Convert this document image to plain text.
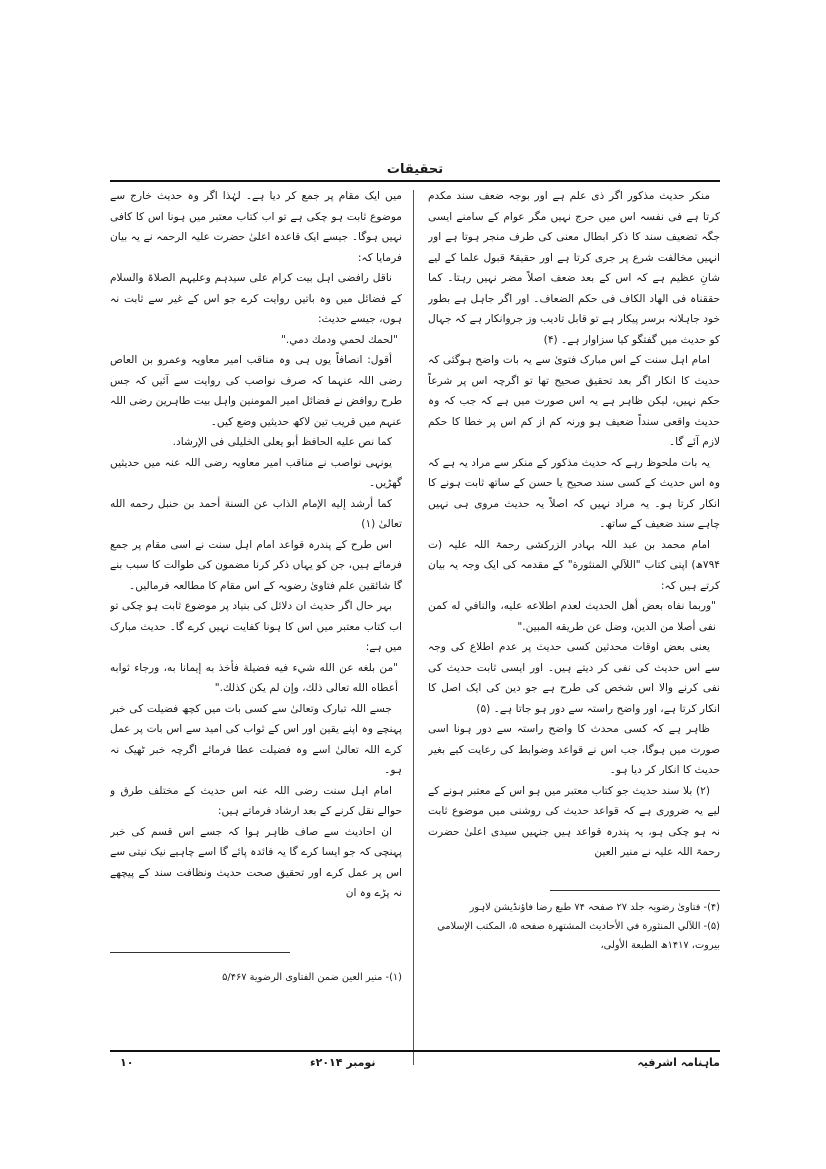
تحقیقات

منکر حدیث مذکور اگر ذی علم ہے اور بوجہ ضعف سند مکدم کرتا ہے فی نفسہ اس میں حرج نہیں مگر عوام کے سامنے ایسی جگہ تضعیف سند کا ذکر ابطال معنی کی طرف منجر ہوتا ہے اور انہیں مخالفت شرع پر جری کرتا ہے اور حقیقۃً قبول علما کے لیے شانِ عظیم ہے کہ اس کے بعد ضعف اصلاً مضر نہیں رہتا۔ کما حققناہ فی الھاد الکاف فی حکم الضعاف۔ اور اگر جاہل ہے بطور خود جاہلانہ برسر پیکار ہے تو قابل تادیب وز جروانکار ہے کہ جہال کو حدیث میں گفتگو کیا سزاوار ہے۔ (۴)

امام اہل سنت کے اس مبارک فتویٰ سے یہ بات واضح ہوگئی کہ حدیث کا انکار اگر بعد تحقیق صحیح تھا تو اگرچہ اس پر شرعاً حکم نہیں، لیکن ظاہر ہے یہ اس صورت میں ہے کہ جب کہ وہ حدیث واقعی سنداً ضعیف ہو ورنہ کم از کم اس پر خطا کا حکم لازم آئے گا۔

یہ بات ملحوظ رہے کہ حدیث مذکور کے منکر سے مراد یہ ہے کہ وہ اس حدیث کے کسی سند صحیح یا حسن کے ساتھ ثابت ہونے کا انکار کرتا ہو۔ یہ مراد نہیں کہ اصلاً یہ حدیث مروی ہی نہیں چاہے سند ضعیف کے ساتھ۔

امام محمد بن عبد اللہ بہادر الزرکشی رحمۃ اللہ علیہ (ت ۷۹۴ھ) اپنی کتاب "اللآلي المنثورة" کے مقدمہ کی ایک وجہ یہ بیان کرتے ہیں کہ:

"وربما نفاه بعض أهل الحديث لعدم اطلاعه عليه، والنافي له كمن نفى أصلا من الدين، وضل عن طريقه المبين."

یعنی بعض اوقات محدثین کسی حدیث پر عدم اطلاع کی وجہ سے اس حدیث کی نفی کر دیتے ہیں۔ اور ایسی ثابت حدیث کی نفی کرنے والا اس شخص کی طرح ہے جو دین کی ایک اصل کا انکار کرتا ہے، اور واضح راستہ سے دور ہو جاتا ہے۔ (۵)

ظاہر ہے کہ کسی محدث کا واضح راستہ سے دور ہونا اسی صورت میں ہوگا، جب اس نے قواعد وضوابط کی رعایت کیے بغیر حدیث کا انکار کر دیا ہو۔

(۲) بلا سند حدیث جو کتاب معتبر میں ہو اس کے معتبر ہونے کے لیے یہ ضروری ہے کہ قواعد حدیث کی روشنی میں موضوع ثابت نہ ہو چکی ہو، یہ پندرہ قواعد ہیں جنہیں سیدی اعلیٰ حضرت رحمۃ اللہ علیہ نے منیر العین

میں ایک مقام پر جمع کر دیا ہے۔ لہٰذا اگر وہ حدیث خارج سے موضوع ثابت ہو چکی ہے تو اب کتاب معتبر میں ہونا اس کا کافی نہیں ہوگا۔ جیسے ایک قاعدہ اعلیٰ حضرت علیہ الرحمہ نے یہ بیان فرمایا کہ:

ناقل رافضی اہل بیت کرام علی سیدہم وعلیہم الصلاۃ والسلام کے فضائل میں وہ باتیں روایت کرے جو اس کے غیر سے ثابت نہ ہوں، جیسے حدیث:

"لحمك لحمي ودمك دمي."

أقول: انصافاً یوں ہی وہ مناقب امیر معاویہ وعمرو بن العاص رضی اللہ عنہما کہ صرف نواصب کی روایت سے آئیں کہ جس طرح روافض نے فضائل امیر المومنین واہل بیت طاہرین رضی اللہ عنہم میں قریب تین لاکھ حدیثیں وضع کیں۔

کما نص علیه الحافظ أبو یعلی الخلیلی فی الإرشاد.

یونہی نواصب نے مناقب امیر معاویہ رضی اللہ عنہ میں حدیثیں گھڑیں۔

کما أرشد إلیه الإمام الذاب عن السنة أحمد بن حنبل رحمه الله تعالیٰ (۱)

اس طرح کے پندرہ قواعد امام اہل سنت نے اسی مقام پر جمع فرمائے ہیں، جن کو یہاں ذکر کرنا مضمون کی طوالت کا سبب بنے گا شائقین علم فتاویٰ رضویہ کے اس مقام کا مطالعہ فرمالیں۔

بہر حال اگر حدیث ان دلائل کی بنیاد پر موضوع ثابت ہو چکی تو اب کتاب معتبر میں اس کا ہونا کفایت نہیں کرے گا۔ حدیث مبارک میں ہے:

"من بلغه عن الله شيء فيه فضيلة فأخذ به إيمانا به، ورجاء ثوابه أعطاه الله تعالى ذلك، وإن لم يكن كذلك."

جسے اللہ تبارک وتعالیٰ سے کسی بات میں کچھ فضیلت کی خبر پہنچے وہ اپنے یقین اور اس کے ثواب کی امید سے اس بات پر عمل کرے اللہ تعالیٰ اسے وہ فضیلت عطا فرمائے اگرچہ خبر ٹھیک نہ ہو۔

امام اہل سنت رضی اللہ عنہ اس حدیث کے مختلف طرق و حوالے نقل کرنے کے بعد ارشاد فرماتے ہیں:

ان احادیث سے صاف ظاہر ہوا کہ جسے اس قسم کی خبر پہنچی کہ جو ایسا کرے گا یہ فائدہ پائے گا اسے چاہیے نیک نیتی سے اس پر عمل کرے اور تحقیق صحت حدیث ونظافت سند کے پیچھے نہ پڑے وہ ان

(۴)- فتاویٰ رضویہ جلد ۲۷ صفحہ ۷۴ طبع رضا فاؤنڈیشن لاہور

(۵)- اللآلي المنثورة في الأحاديث المشتهرة صفحه ۵، المكتب الإسلامي بيروت، ۱۴۱۷ھ الطبعة الأولى،

(۱)- منیر العین ضمن الفتاوی الرضویة ۵/۴۶۷

ماہنامہ اشرفیہ
نومبر ۲۰۱۴ء
۱۰
